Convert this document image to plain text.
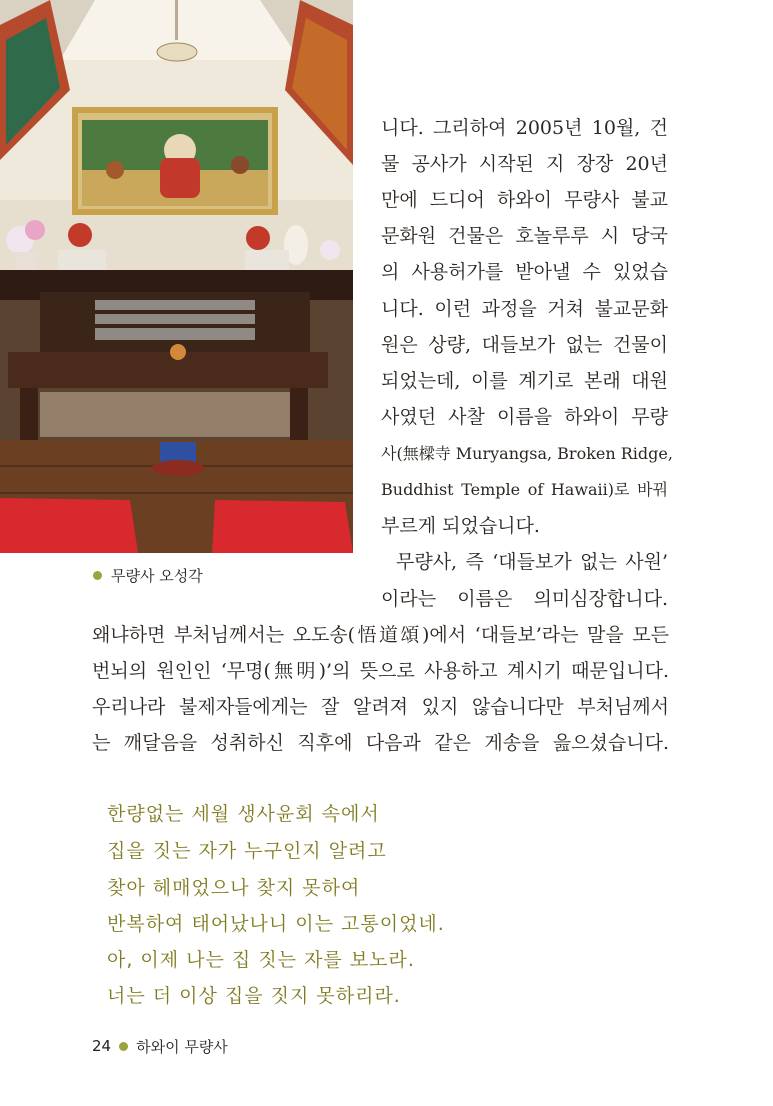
무량사 오성각
니다. 그리하여 2005년 10월, 건
물 공사가 시작된 지 장장 20년
만에 드디어 하와이 무량사 불교
문화원 건물은 호놀루루 시 당국
의 사용허가를 받아낼 수 있었습
니다. 이런 과정을 거쳐 불교문화
원은 상량, 대들보가 없는 건물이
되었는데, 이를 계기로 본래 대원
사였던 사찰 이름을 하와이 무량
사(無樑寺 Muryangsa, Broken Ridge,
Buddhist Temple of Hawaii)로 바꿔
부르게 되었습니다.
무량사, 즉 ‘대들보가 없는 사원’
이라는 이름은 의미심장합니다.
왜냐하면 부처님께서는 오도송(悟道頌)에서 ‘대들보’라는 말을 모든
번뇌의 원인인 ‘무명(無明)’의 뜻으로 사용하고 계시기 때문입니다.
우리나라 불제자들에게는 잘 알려져 있지 않습니다만 부처님께서
는 깨달음을 성취하신 직후에 다음과 같은 게송을 읊으셨습니다.
한량없는 세월 생사윤회 속에서
집을 짓는 자가 누구인지 알려고
찾아 헤매었으나 찾지 못하여
반복하여 태어났나니 이는 고통이었네.
아, 이제 나는 집 짓는 자를 보노라.
너는 더 이상 집을 짓지 못하리라.
24 하와이 무량사
